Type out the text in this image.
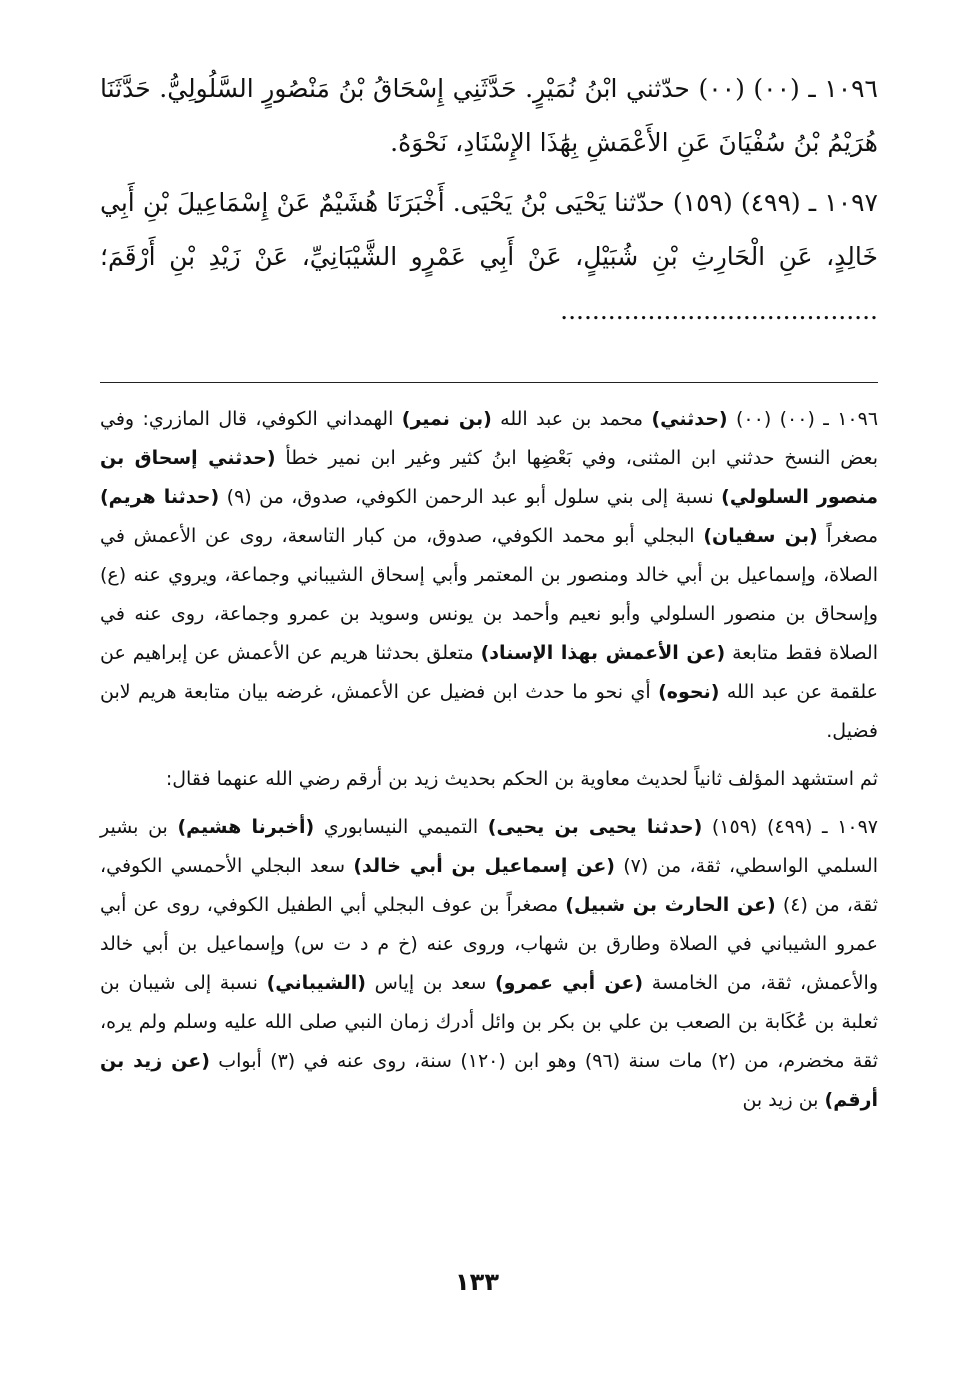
١٠٩٦ ـ (٠٠) (٠٠) حدّثني ابْنُ نُمَيْرٍ. حَدَّثَنِي إِسْحَاقُ بْنُ مَنْصُورٍ السَّلُولِيُّ. حَدَّثَنَا هُرَيْمُ بْنُ سُفْيَانَ عَنِ الأَعْمَشِ بِهَٰذَا الإِسْنَادِ، نَحْوَهُ.

١٠٩٧ ـ (٤٩٩) (١٥٩) حدّثنا يَحْيَى بْنُ يَحْيَى. أَخْبَرَنَا هُشَيْمٌ عَنْ إِسْمَاعِيلَ بْنِ أَبِي خَالِدٍ، عَنِ الْحَارِثِ بْنِ شُبَيْلٍ، عَنْ أَبِي عَمْرٍو الشَّيْبَانِيِّ، عَنْ زَيْدِ بْنِ أَرْقَمَ؛ ........................................

١٠٩٦ ـ (٠٠) (٠٠) (حدثني) محمد بن عبد الله (بن نمير) الهمداني الكوفي، قال المازري: وفي بعض النسخ حدثني ابن المثنى، وفي بَعْضِها ابنُ كثير وغير ابن نمير خطأ (حدثني إسحاق بن منصور السلولي) نسبة إلى بني سلول أبو عبد الرحمن الكوفي، صدوق، من (٩) (حدثنا هريم) مصغراً (بن سفيان) البجلي أبو محمد الكوفي، صدوق، من كبار التاسعة، روى عن الأعمش في الصلاة، وإسماعيل بن أبي خالد ومنصور بن المعتمر وأبي إسحاق الشيباني وجماعة، ويروي عنه (ع) وإسحاق بن منصور السلولي وأبو نعيم وأحمد بن يونس وسويد بن عمرو وجماعة، روى عنه في الصلاة فقط متابعة (عن الأعمش بهذا الإسناد) متعلق بحدثنا هريم عن الأعمش عن إبراهيم عن علقمة عن عبد الله (نحوه) أي نحو ما حدث ابن فضيل عن الأعمش، غرضه بيان متابعة هريم لابن فضيل.

ثم استشهد المؤلف ثانياً لحديث معاوية بن الحكم بحديث زيد بن أرقم رضي الله عنهما فقال:

١٠٩٧ ـ (٤٩٩) (١٥٩) (حدثنا يحيى بن يحيى) التميمي النيسابوري (أخبرنا هشيم) بن بشير السلمي الواسطي، ثقة، من (٧) (عن إسماعيل بن أبي خالد) سعد البجلي الأحمسي الكوفي، ثقة، من (٤) (عن الحارث بن شبيل) مصغراً بن عوف البجلي أبي الطفيل الكوفي، روى عن أبي عمرو الشيباني في الصلاة وطارق بن شهاب، وروى عنه (خ م د ت س) وإسماعيل بن أبي خالد والأعمش، ثقة، من الخامسة (عن أبي عمرو) سعد بن إياس (الشيباني) نسبة إلى شيبان بن ثعلبة بن عُكَابة بن الصعب بن علي بن بكر بن وائل أدرك زمان النبي صلى الله عليه وسلم ولم يره، ثقة مخضرم، من (٢) مات سنة (٩٦) وهو ابن (١٢٠) سنة، روى عنه في (٣) أبواب (عن زيد بن أرقم) بن زيد بن

١٣٣
